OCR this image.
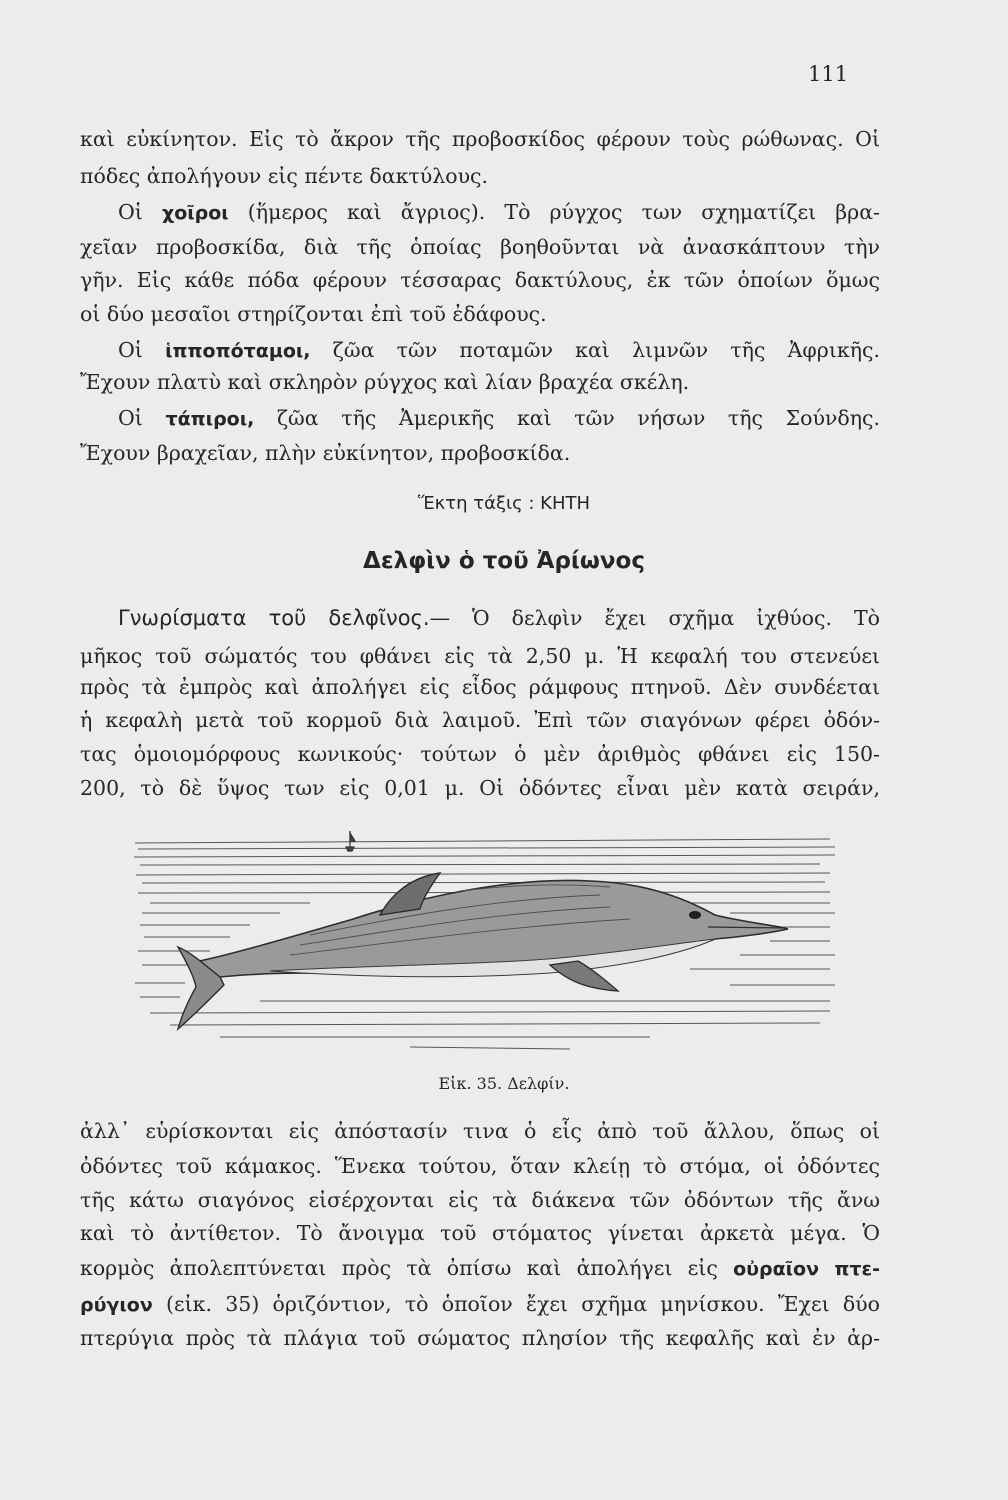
111
καὶ εὐκίνητον. Εἰς τὸ ἄκρον τῆς προβοσκίδος φέρουν τοὺς ρώθωνας. Οἱ
πόδες ἀπολήγουν εἰς πέντε δακτύλους.
Οἱ χοῖροι (ἥμερος καὶ ἄγριος). Τὸ ρύγχος των σχηματίζει βρα-
χεῖαν προβοσκίδα, διὰ τῆς ὁποίας βοηθοῦνται νὰ ἀνασκάπτουν τὴν
γῆν. Εἰς κάθε πόδα φέρουν τέσσαρας δακτύλους, ἐκ τῶν ὁποίων ὅμως
οἱ δύο μεσαῖοι στηρίζονται ἐπὶ τοῦ ἐδάφους.
Οἱ ἱπποπόταμοι, ζῶα τῶν ποταμῶν καὶ λιμνῶν τῆς Ἀφρικῆς.
Ἔχουν πλατὺ καὶ σκληρὸν ρύγχος καὶ λίαν βραχέα σκέλη.
Οἱ τάπιροι, ζῶα τῆς Ἀμερικῆς καὶ τῶν νήσων τῆς Σούνδης.
Ἔχουν βραχεῖαν, πλὴν εὐκίνητον, προβοσκίδα.
Ἕκτη τάξις : ΚΗΤΗ
Δελφὶν ὁ τοῦ Ἀρίωνος
Γνωρίσματα τοῦ δελφῖνος.— Ὁ δελφὶν ἔχει σχῆμα ἰχθύος. Τὸ
μῆκος τοῦ σώματός του φθάνει εἰς τὰ 2,50 μ. Ἡ κεφαλή του στενεύει
πρὸς τὰ ἐμπρὸς καὶ ἀπολήγει εἰς εἶδος ράμφους πτηνοῦ. Δὲν συνδέεται
ἡ κεφαλὴ μετὰ τοῦ κορμοῦ διὰ λαιμοῦ. Ἐπὶ τῶν σιαγόνων φέρει ὀδόν-
τας ὁμοιομόρφους κωνικούς· τούτων ὁ μὲν ἀριθμὸς φθάνει εἰς 150-
200, τὸ δὲ ὕψος των εἰς 0,01 μ. Οἱ ὀδόντες εἶναι μὲν κατὰ σειράν,
Εἰκ. 35. Δελφίν.
ἀλλ᾽ εὑρίσκονται εἰς ἀπόστασίν τινα ὁ εἷς ἀπὸ τοῦ ἄλλου, ὅπως οἱ
ὀδόντες τοῦ κάμακος. Ἕνεκα τούτου, ὅταν κλείῃ τὸ στόμα, οἱ ὀδόντες
τῆς κάτω σιαγόνος εἰσέρχονται εἰς τὰ διάκενα τῶν ὀδόντων τῆς ἄνω
καὶ τὸ ἀντίθετον. Τὸ ἄνοιγμα τοῦ στόματος γίνεται ἀρκετὰ μέγα. Ὁ
κορμὸς ἀπολεπτύνεται πρὸς τὰ ὀπίσω καὶ ἀπολήγει εἰς οὐραῖον πτε-
ρύγιον (εἰκ. 35) ὁριζόντιον, τὸ ὁποῖον ἔχει σχῆμα μηνίσκου. Ἔχει δύο
πτερύγια πρὸς τὰ πλάγια τοῦ σώματος πλησίον τῆς κεφαλῆς καὶ ἐν ἀρ-
